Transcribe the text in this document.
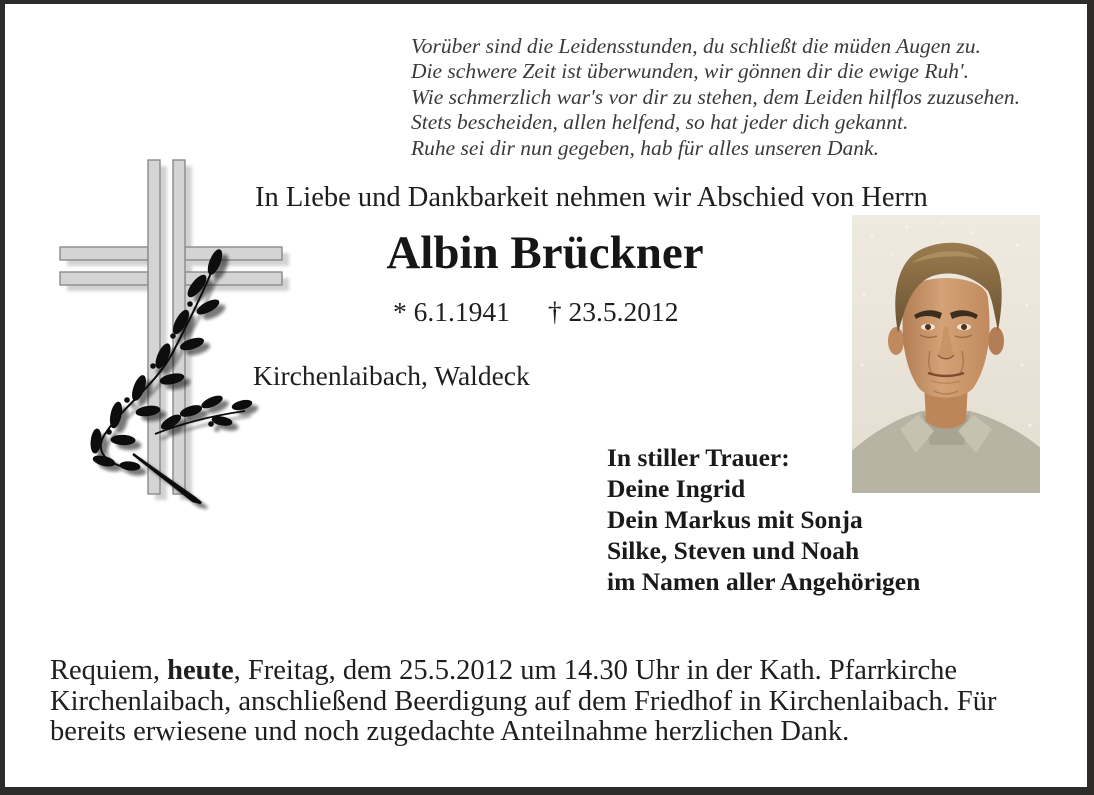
Vorüber sind die Leidensstunden, du schließt die müden Augen zu.
Die schwere Zeit ist überwunden, wir gönnen dir die ewige Ruh'.
Wie schmerzlich war's vor dir zu stehen, dem Leiden hilflos zuzusehen.
Stets bescheiden, allen helfend, so hat jeder dich gekannt.
Ruhe sei dir nun gegeben, hab für alles unseren Dank.
In Liebe und Dankbarkeit nehmen wir Abschied von Herrn
Albin Brückner
* 6.1.1941 † 23.5.2012
Kirchenlaibach, Waldeck
In stiller Trauer:
Deine Ingrid
Dein Markus mit Sonja
Silke, Steven und Noah
im Namen aller Angehörigen
Requiem, heute, Freitag, dem 25.5.2012 um 14.30 Uhr in der Kath. Pfarrkirche
Kirchenlaibach, anschließend Beerdigung auf dem Friedhof in Kirchenlaibach. Für
bereits erwiesene und noch zugedachte Anteilnahme herzlichen Dank.
